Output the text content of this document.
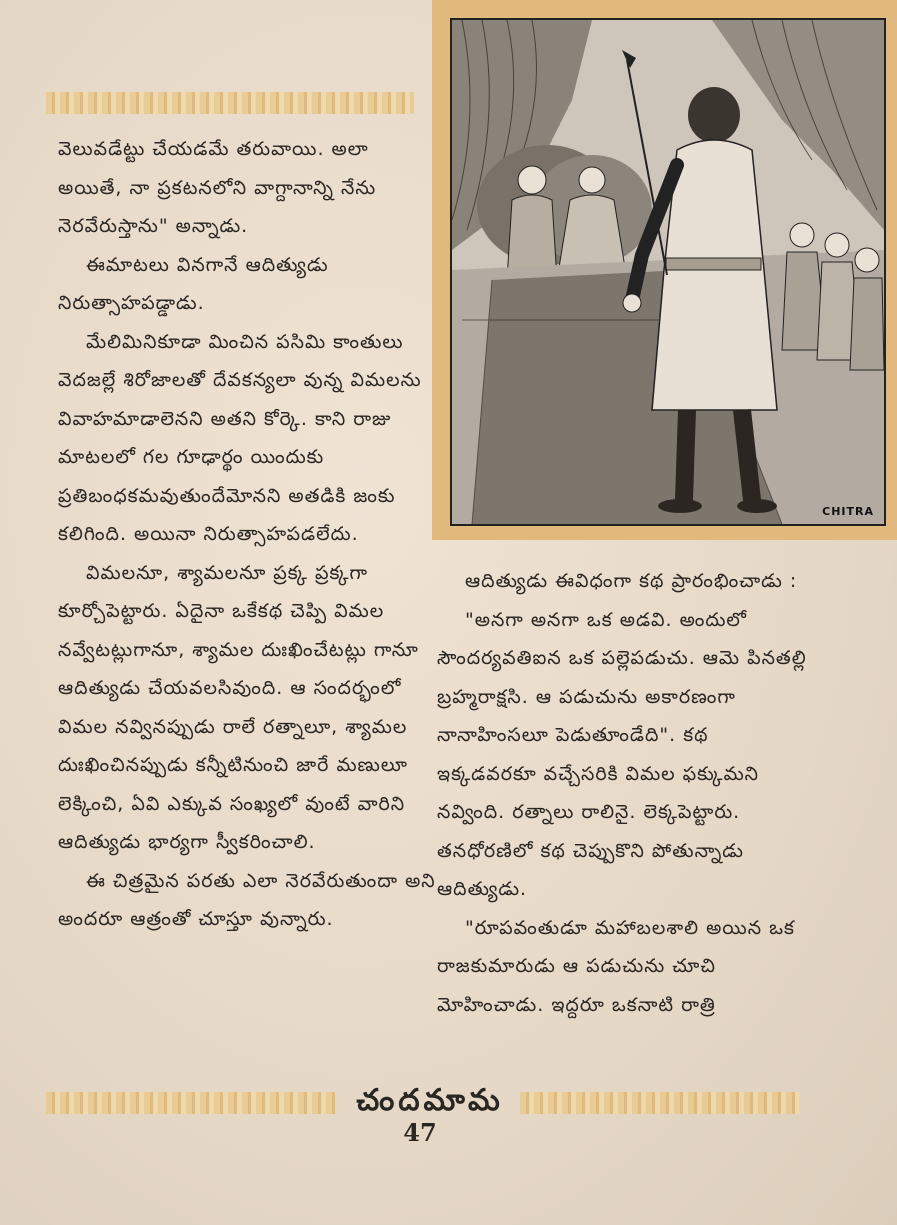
వెలువడేట్టు చేయడమే తరువాయి. అలా అయితే, నా ప్రకటనలోని వాగ్దానాన్ని నేను నెరవేరుస్తాను" అన్నాడు.

ఈమాటలు వినగానే ఆదిత్యుడు నిరుత్సాహపడ్డాడు.

మేలిమినికూడా మించిన పసిమి కాంతులు వెదజల్లే శిరోజాలతో దేవకన్యలా వున్న విమలను వివాహమాడాలెనని అతని కోర్కె. కాని రాజు మాటలలో గల గూఢార్థం యిందుకు ప్రతిబంధకమవుతుందేమోనని అతడికి జంకు కలిగింది. అయినా నిరుత్సాహపడలేదు.

విమలనూ, శ్యామలనూ ప్రక్క ప్రక్కగా కూర్చోపెట్టారు. ఏదైనా ఒకేకథ చెప్పి విమల నవ్వేటట్లుగానూ, శ్యామల దుఃఖించేటట్లు గానూ ఆదిత్యుడు చేయవలసివుంది. ఆ సందర్భంలో విమల నవ్వినప్పుడు రాలే రత్నాలూ, శ్యామల దుఃఖించినప్పుడు కన్నీటినుంచి జారే మణులూ లెక్కించి, ఏవి ఎక్కువ సంఖ్యలో వుంటే వారిని ఆదిత్యుడు భార్యగా స్వీకరించాలి.

ఈ చిత్రమైన పరతు ఎలా నెరవేరుతుందా అని అందరూ ఆత్రంతో చూస్తూ వున్నారు.

CHITRA

ఆదిత్యుడు ఈవిధంగా కథ ప్రారంభించాడు :

"అనగా అనగా ఒక అడవి. అందులో సౌందర్యవతిఐన ఒక పల్లెపడుచు. ఆమె పినతల్లి బ్రహ్మరాక్షసి. ఆ పడుచును అకారణంగా నానాహింసలూ పెడుతూండేది". కథ ఇక్కడవరకూ వచ్చేసరికి విమల ఫక్కుమని నవ్వింది. రత్నాలు రాలినై. లెక్కపెట్టారు. తనధోరణిలో కథ చెప్పుకొని పోతున్నాడు ఆదిత్యుడు.

"రూపవంతుడూ మహాబలశాలి అయిన ఒక రాజకుమారుడు ఆ పడుచును చూచి మోహించాడు. ఇద్దరూ ఒకనాటి రాత్రి

చందమామ
47
